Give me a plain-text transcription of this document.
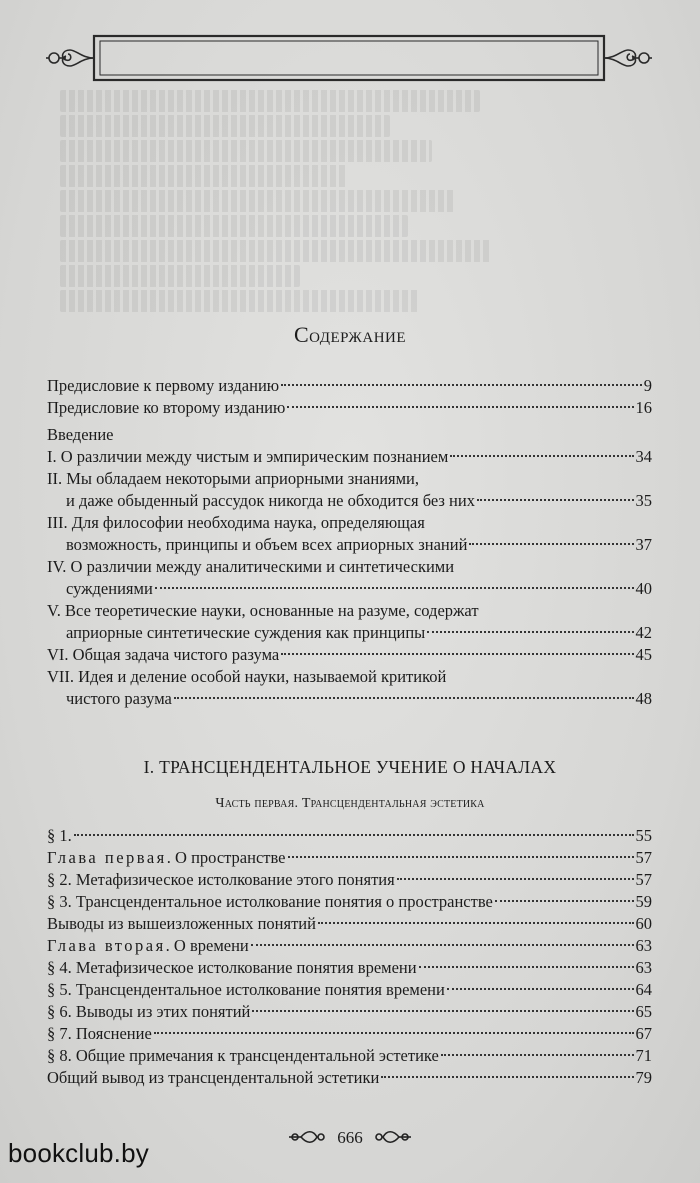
Содержание
Предисловие к первому изданию	9
Предисловие ко второму изданию	16
Введение
I. О различии между чистым и эмпирическим познанием	34
II. Мы обладаем некоторыми априорными знаниями,
и даже обыденный рассудок никогда не обходится без них	35
III. Для философии необходима наука, определяющая
возможность, принципы и объем всех априорных знаний	37
IV. О различии между аналитическими и синтетическими
суждениями	40
V. Все теоретические науки, основанные на разуме, содержат
априорные синтетические суждения как принципы	42
VI. Общая задача чистого разума	45
VII. Идея и деление особой науки, называемой критикой
чистого разума	48
I. ТРАНСЦЕНДЕНТАЛЬНОЕ УЧЕНИЕ О НАЧАЛАХ
Часть первая. Трансцендентальная эстетика
§ 1.	55
Глава первая. О пространстве	57
§ 2. Метафизическое истолкование этого понятия	57
§ 3. Трансцендентальное истолкование понятия о пространстве	59
Выводы из вышеизложенных понятий	60
Глава вторая. О времени	63
§ 4. Метафизическое истолкование понятия времени	63
§ 5. Трансцендентальное истолкование понятия времени	64
§ 6. Выводы из этих понятий	65
§ 7. Пояснение	67
§ 8. Общие примечания к трансцендентальной эстетике	71
Общий вывод из трансцендентальной эстетики	79
666
bookclub.by
